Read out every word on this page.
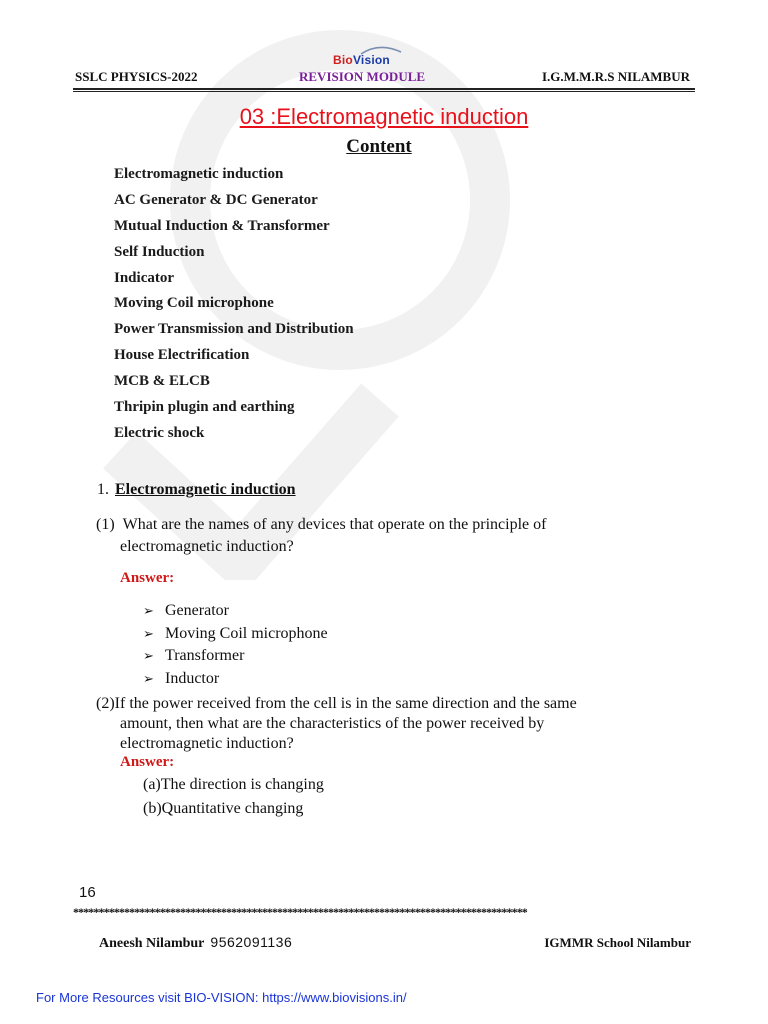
BioVision
SSLC PHYSICS-2022	REVISION MODULE	I.G.M.M.R.S NILAMBUR
03 :Electromagnetic induction
Content
Electromagnetic induction
AC Generator & DC Generator
Mutual Induction & Transformer
Self Induction
Indicator
Moving Coil microphone
Power Transmission and Distribution
House Electrification
MCB & ELCB
Thripin plugin and earthing
Electric shock
1. Electromagnetic induction
(1) What are the names of any devices that operate on the principle of
electromagnetic induction?
Answer:
➢ Generator
➢ Moving Coil microphone
➢ Transformer
➢ Inductor
(2)If the power received from the cell is in the same direction and the same
amount, then what are the characteristics of the power received by
electromagnetic induction?
Answer:
(a)The direction is changing
(b)Quantitative changing
16
*****************************************************************************************
Aneesh Nilambur 9562091136	IGMMR School Nilambur
For More Resources visit BIO-VISION: https://www.biovisions.in/
